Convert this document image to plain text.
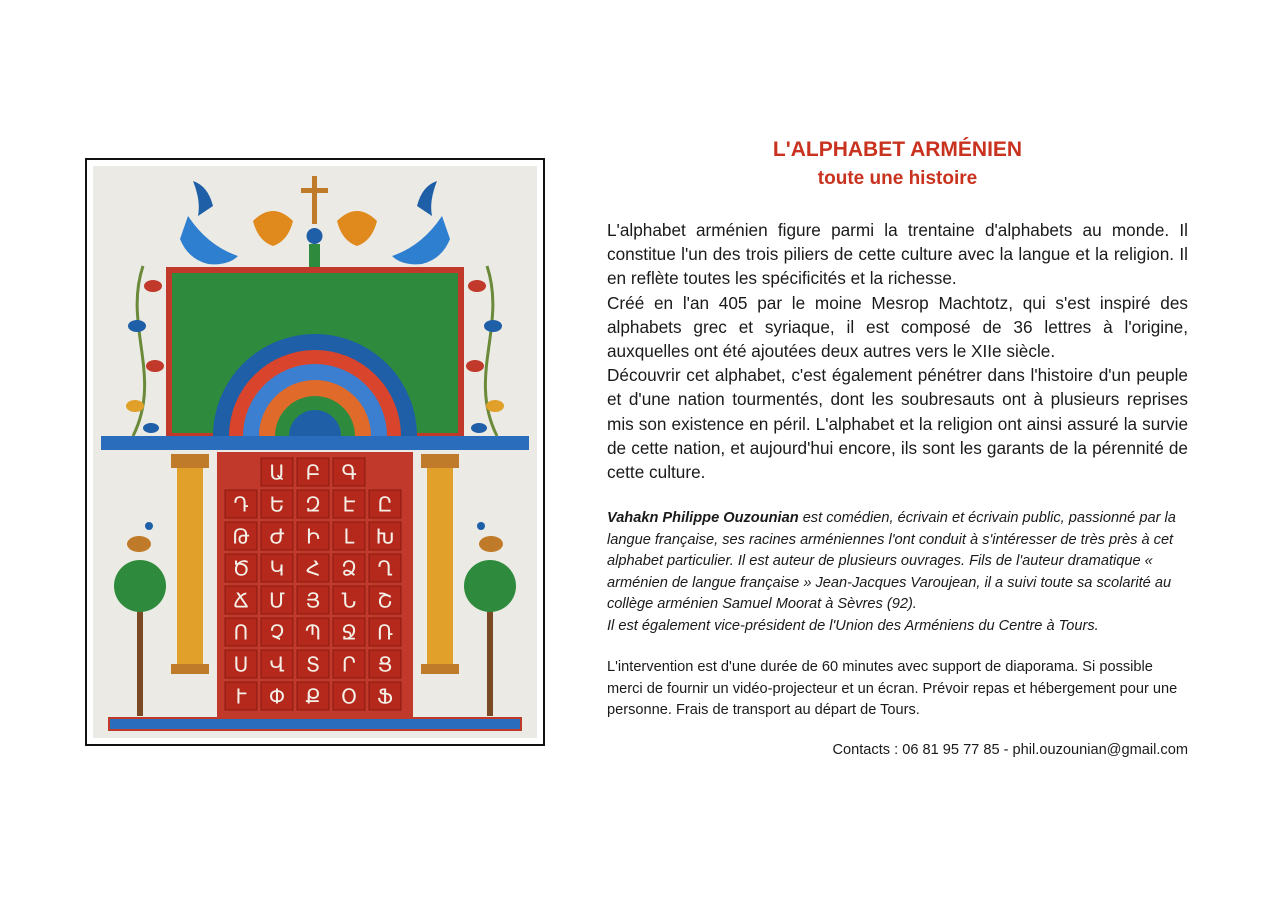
Ա Բ Գ
Դ Ե Զ Է Ը
Թ Ժ Ի Լ Խ
Ծ Կ Հ Ձ Ղ
Ճ Մ Յ Ն Շ
Ո Չ Պ Ջ Ռ
Ս Վ Տ Ր Ց
Ւ Փ Ք Օ Ֆ
L'ALPHABET ARMÉNIEN
toute une histoire

L'alphabet arménien figure parmi la trentaine d'alphabets au monde. Il constitue l'un des trois piliers de cette culture avec la langue et la religion. Il en reflète toutes les spécificités et la richesse.

Créé en l'an 405 par le moine Mesrop Machtotz, qui s'est inspiré des alphabets grec et syriaque, il est composé de 36 lettres à l'origine, auxquelles ont été ajoutées deux autres vers le XIIe siècle.

Découvrir cet alphabet, c'est également pénétrer dans l'histoire d'un peuple et d'une nation tourmentés, dont les soubresauts ont à plusieurs reprises mis son existence en péril. L'alphabet et la religion ont ainsi assuré la survie de cette nation, et aujourd'hui encore, ils sont les garants de la pérennité de cette culture.

Vahakn Philippe Ouzounian est comédien, écrivain et écrivain public, passionné par la langue française, ses racines arméniennes l'ont conduit à s'intéresser de très près à cet alphabet particulier. Il est auteur de plusieurs ouvrages. Fils de l'auteur dramatique « arménien de langue française » Jean-Jacques Varoujean, il a suivi toute sa scolarité au collège arménien Samuel Moorat à Sèvres (92).

Il est également vice-président de l'Union des Arméniens du Centre à Tours.

L'intervention est d'une durée de 60 minutes avec support de diaporama. Si possible merci de fournir un vidéo-projecteur et un écran. Prévoir repas et hébergement pour une personne. Frais de transport au départ de Tours.

Contacts : 06 81 95 77 85 - phil.ouzounian@gmail.com
